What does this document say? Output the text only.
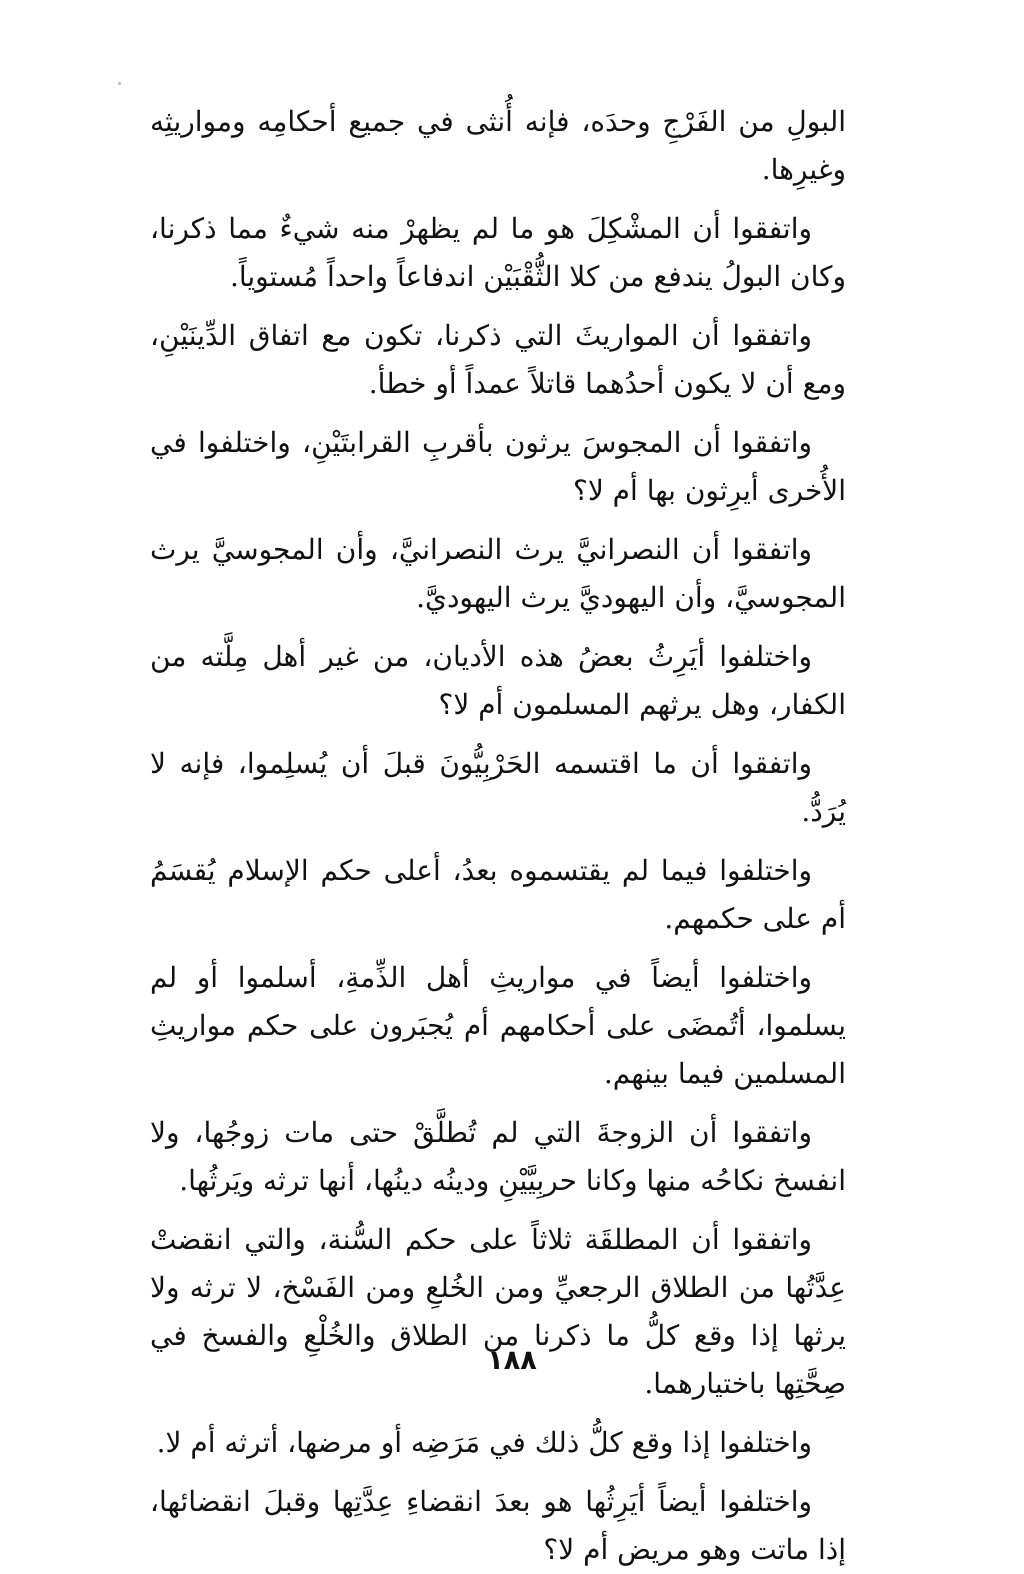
البولِ من الفَرْجِ وحدَه، فإنه أُنثى في جميع أحكامِه ومواريثِه وغيرِها.

واتفقوا أن المشْكِلَ هو ما لم يظهرْ منه شيءٌ مما ذكرنا، وكان البولُ يندفع من كلا الثُّقْبَيْن اندفاعاً واحداً مُستوياً.

واتفقوا أن المواريثَ التي ذكرنا، تكون مع اتفاق الدِّينَيْنِ، ومع أن لا يكون أحدُهما قاتلاً عمداً أو خطأ.

واتفقوا أن المجوسَ يرثون بأقربِ القرابتَيْنِ، واختلفوا في الأُخرى أيرِثون بها أم لا؟

واتفقوا أن النصرانيَّ يرث النصرانيَّ، وأن المجوسيَّ يرث المجوسيَّ، وأن اليهوديَّ يرث اليهوديَّ.

واختلفوا أيَرِثُ بعضُ هذه الأديان، من غير أهل مِلَّته من الكفار، وهل يرثهم المسلمون أم لا؟

واتفقوا أن ما اقتسمه الحَرْبِيُّونَ قبلَ أن يُسلِموا، فإنه لا يُرَدُّ.

واختلفوا فيما لم يقتسموه بعدُ، أعلى حكم الإسلام يُقسَمُ أم على حكمهم.

واختلفوا أيضاً في مواريثِ أهل الذِّمةِ، أسلموا أو لم يسلموا، أتُمضَى على أحكامهم أم يُجبَرون على حكم مواريثِ المسلمين فيما بينهم.

واتفقوا أن الزوجةَ التي لم تُطلَّقْ حتى مات زوجُها، ولا انفسخ نكاحُه منها وكانا حربِيَّيْنِ ودينُه دينُها، أنها ترثه ويَرثُها.

واتفقوا أن المطلقَة ثلاثاً على حكم السُّنة، والتي انقضتْ عِدَّتُها من الطلاق الرجعيِّ ومن الخُلعِ ومن الفَسْخ، لا ترثه ولا يرثها إذا وقع كلُّ ما ذكرنا من الطلاق والخُلْعِ والفسخ في صِحَّتِها باختيارهما.

واختلفوا إذا وقع كلُّ ذلك في مَرَضِه أو مرضها، أترثه أم لا.

واختلفوا أيضاً أيَرِثُها هو بعدَ انقضاءِ عِدَّتِها وقبلَ انقضائها، إذا ماتت وهو مريض أم لا؟

١٨٨
